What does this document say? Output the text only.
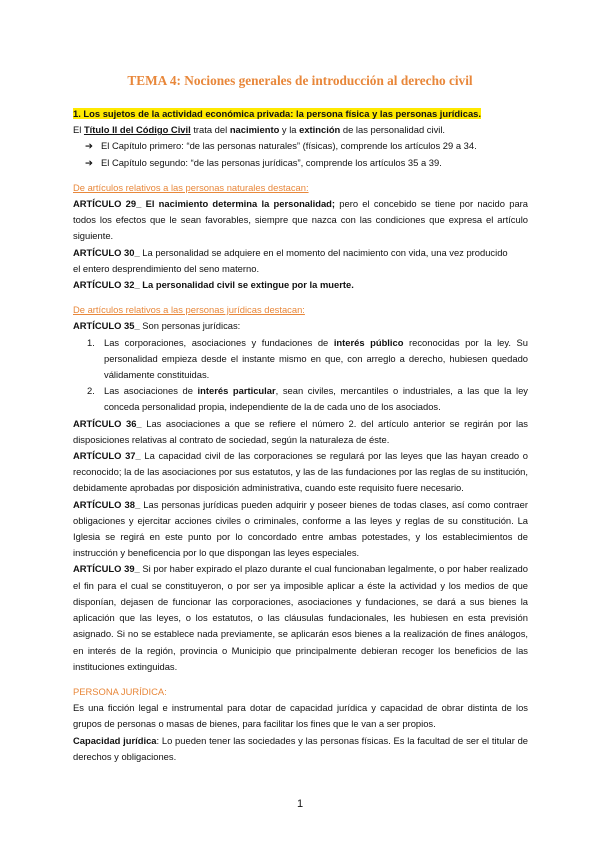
TEMA 4: Nociones generales de introducción al derecho civil

1. Los sujetos de la actividad económica privada: la persona física y las personas jurídicas.

El Título II del Código Civil trata del nacimiento y la extinción de las personalidad civil.

➔ El Capítulo primero: “de las personas naturales” (físicas), comprende los artículos 29 a 34.
➔ El Capítulo segundo: “de las personas jurídicas”, comprende los artículos 35 a 39.

De artículos relativos a las personas naturales destacan:

ARTÍCULO 29_ El nacimiento determina la personalidad; pero el concebido se tiene por nacido para todos los efectos que le sean favorables, siempre que nazca con las condiciones que expresa el artículo siguiente.

ARTÍCULO 30_ La personalidad se adquiere en el momento del nacimiento con vida, una vez producido

el entero desprendimiento del seno materno.

ARTÍCULO 32_ La personalidad civil se extingue por la muerte.

De artículos relativos a las personas jurídicas destacan:

ARTÍCULO 35_ Son personas jurídicas:

1. Las corporaciones, asociaciones y fundaciones de interés público reconocidas por la ley. Su personalidad empieza desde el instante mismo en que, con arreglo a derecho, hubiesen quedado válidamente constituidas.
2. Las asociaciones de interés particular, sean civiles, mercantiles o industriales, a las que la ley conceda personalidad propia, independiente de la de cada uno de los asociados.

ARTÍCULO 36_ Las asociaciones a que se refiere el número 2. del artículo anterior se regirán por las disposiciones relativas al contrato de sociedad, según la naturaleza de éste.

ARTÍCULO 37_ La capacidad civil de las corporaciones se regulará por las leyes que las hayan creado o reconocido; la de las asociaciones por sus estatutos, y las de las fundaciones por las reglas de su institución, debidamente aprobadas por disposición administrativa, cuando este requisito fuere necesario.

ARTÍCULO 38_ Las personas jurídicas pueden adquirir y poseer bienes de todas clases, así como contraer obligaciones y ejercitar acciones civiles o criminales, conforme a las leyes y reglas de su constitución. La Iglesia se regirá en este punto por lo concordado entre ambas potestades, y los establecimientos de instrucción y beneficencia por lo que dispongan las leyes especiales.

ARTÍCULO 39_ Si por haber expirado el plazo durante el cual funcionaban legalmente, o por haber realizado el fin para el cual se constituyeron, o por ser ya imposible aplicar a éste la actividad y los medios de que disponían, dejasen de funcionar las corporaciones, asociaciones y fundaciones, se dará a sus bienes la aplicación que las leyes, o los estatutos, o las cláusulas fundacionales, les hubiesen en esta previsión asignado. Si no se establece nada previamente, se aplicarán esos bienes a la realización de fines análogos, en interés de la región, provincia o Municipio que principalmente debieran recoger los beneficios de las instituciones extinguidas.

PERSONA JURÍDICA:

Es una ficción legal e instrumental para dotar de capacidad jurídica y capacidad de obrar distinta de los grupos de personas o masas de bienes, para facilitar los fines que le van a ser propios.

Capacidad jurídica: Lo pueden tener las sociedades y las personas físicas. Es la facultad de ser el titular de derechos y obligaciones.

1
